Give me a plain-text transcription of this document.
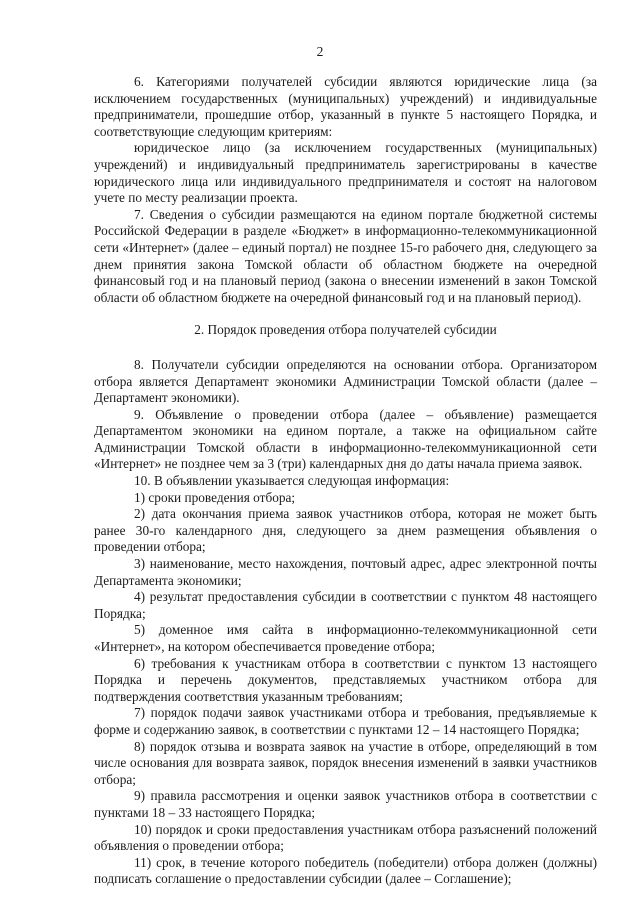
2

6. Категориями получателей субсидии являются юридические лица (за исключением государственных (муниципальных) учреждений) и индивидуальные предприниматели, прошедшие отбор, указанный в пункте 5 настоящего Порядка, и соответствующие следующим критериям:

юридическое лицо (за исключением государственных (муниципальных) учреждений) и индивидуальный предприниматель зарегистрированы в качестве юридического лица или индивидуального предпринимателя и состоят на налоговом учете по месту реализации проекта.

7. Сведения о субсидии размещаются на едином портале бюджетной системы Российской Федерации в разделе «Бюджет» в информационно-телекоммуникационной сети «Интернет» (далее – единый портал) не позднее 15-го рабочего дня, следующего за днем принятия закона Томской области об областном бюджете на очередной финансовый год и на плановый период (закона о внесении изменений в закон Томской области об областном бюджете на очередной финансовый год и на плановый период).

2. Порядок проведения отбора получателей субсидии

8. Получатели субсидии определяются на основании отбора. Организатором отбора является Департамент экономики Администрации Томской области (далее – Департамент экономики).

9. Объявление о проведении отбора (далее – объявление) размещается Департаментом экономики на едином портале, а также на официальном сайте Администрации Томской области в информационно-телекоммуникационной сети «Интернет» не позднее чем за 3 (три) календарных дня до даты начала приема заявок.

10. В объявлении указывается следующая информация:

1) сроки проведения отбора;

2) дата окончания приема заявок участников отбора, которая не может быть ранее 30-го календарного дня, следующего за днем размещения объявления о проведении отбора;

3) наименование, место нахождения, почтовый адрес, адрес электронной почты Департамента экономики;

4) результат предоставления субсидии в соответствии с пунктом 48 настоящего Порядка;

5) доменное имя сайта в информационно-телекоммуникационной сети «Интернет», на котором обеспечивается проведение отбора;

6) требования к участникам отбора в соответствии с пунктом 13 настоящего Порядка и перечень документов, представляемых участником отбора для подтверждения соответствия указанным требованиям;

7) порядок подачи заявок участниками отбора и требования, предъявляемые к форме и содержанию заявок, в соответствии с пунктами 12 – 14 настоящего Порядка;

8) порядок отзыва и возврата заявок на участие в отборе, определяющий в том числе основания для возврата заявок, порядок внесения изменений в заявки участников отбора;

9) правила рассмотрения и оценки заявок участников отбора в соответствии с пунктами 18 – 33 настоящего Порядка;

10) порядок и сроки предоставления участникам отбора разъяснений положений объявления о проведении отбора;

11) срок, в течение которого победитель (победители) отбора должен (должны) подписать соглашение о предоставлении субсидии (далее – Соглашение);
